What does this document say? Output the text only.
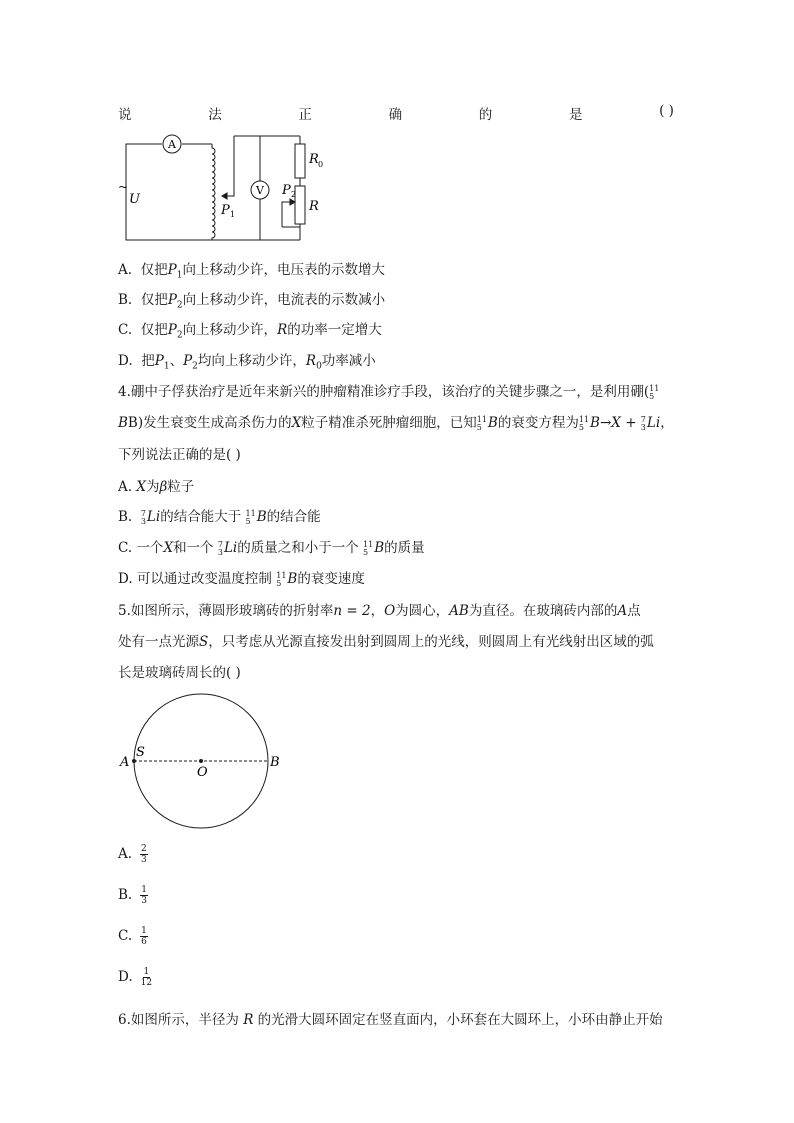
说	法	正	确	的	是	( )
A
V
~
U
P 1
P 2
R 0
R
A. 仅把$P_1$向上移动少许，电压表的示数增大
B. 仅把$P_2$向上移动少许，电流表的示数减小
C. 仅把$P_2$向上移动少许，R的功率一定增大
D. 把$P_1$、$P_2$均向上移动少许，$R_0$功率减小
4.硼中子俘获治疗是近年来新兴的肿瘤精准诊疗手段，该治疗的关键步骤之一，是利用硼( 11
5
BB)发生衰变生成高杀伤力的X粒子精准杀死肿瘤细胞，已知 11
5 B的衰变方程为 11
5 B→X + 7
3 Li，
下列说法正确的是( )
A. X为β粒子
B. 7
3 Li的结合能大于 11
5 B的结合能
C. 一个X和一个 7
3 Li的质量之和小于一个 11
5 B的质量
D. 可以通过改变温度控制 11
5 B的衰变速度
5.如图所示，薄圆形玻璃砖的折射率n = 2，O为圆心，AB为直径。在玻璃砖内部的A点
处有一点光源S，只考虑从光源直接发出射到圆周上的光线，则圆周上有光线射出区域的弧
长是玻璃砖周长的( )
A
S
O
B
A. $\frac{2}{3}$
B. $\frac{1}{3}$
C. $\frac{1}{6}$
D. $\frac{1}{12}$
6.如图所示，半径为 R 的光滑大圆环固定在竖直面内，小环套在大圆环上，小环由静止开始
